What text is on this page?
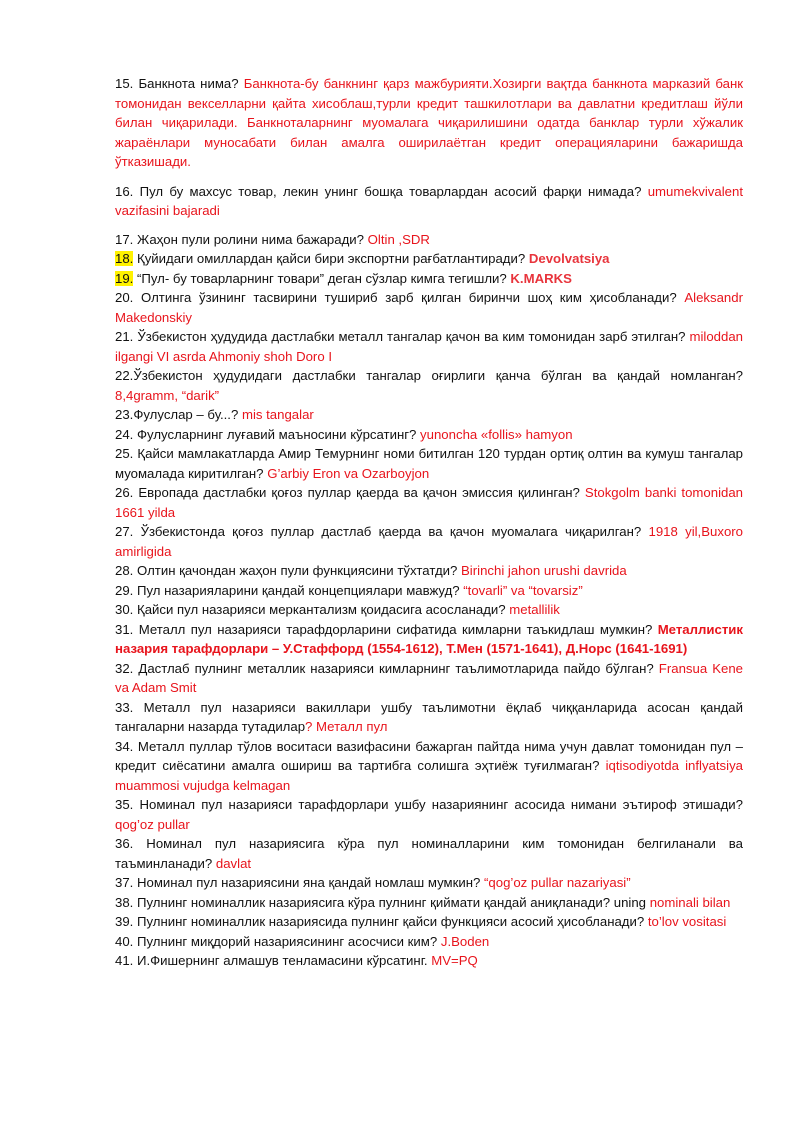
15. Банкнота нима? Банкнота-бу банкнинг қарз мажбурияти.Хозирги вақтда банкнота марказий банк томонидан векселларни қайта хисоблаш,турли кредит ташкилотлари ва давлатни кредитлаш йўли билан чиқарилади. Банкноталарнинг муомалага чиқарилишини одатда банклар турли хўжалик жараёнлари муносабати билан амалга оширилаётган кредит операцияларини бажаришда ўтказишади.

16. Пул бу махсус товар, лекин унинг бошқа товарлардан асосий фарқи нимада? umumekvivalent vazifasini bajaradi

17. Жаҳон пули ролини нима бажаради? Oltin ,SDR

18. Қуйидаги омиллардан қайси бири экспортни рағбатлантиради? Devolvatsiya

19. “Пул- бу товарларнинг товари” деган сўзлар кимга тегишли? K.MARKS

20. Олтинга ўзининг тасвирини тушириб зарб қилган биринчи шоҳ ким ҳисобланади? Aleksandr Makedonskiy

21. Ўзбекистон ҳудудида дастлабки металл тангалар қачон ва ким томонидан зарб этилган? miloddan ilgangi VI asrda Ahmoniy shoh Doro I

22.Ўзбекистон ҳудудидаги дастлабки тангалар оғирлиги қанча бўлган ва қандай номланган? 8,4gramm, “darik”

23.Фулуслар – бу...? mis tangalar

24. Фулусларнинг луғавий маъносини кўрсатинг? yunoncha «follis» hamyon

25. Қайси мамлакатларда Амир Темурнинг номи битилган 120 турдан ортиқ олтин ва кумуш тангалар муомалада киритилган? G’arbiy Eron va Ozarboyjon

26. Европада дастлабки қоғоз пуллар қаерда ва қачон эмиссия қилинган? Stokgolm banki tomonidan 1661 yilda

27. Ўзбекистонда қоғоз пуллар дастлаб қаерда ва қачон муомалага чиқарилган? 1918 yil,Buxoro amirligida

28. Олтин қачондан жаҳон пули функциясини тўхтатди? Birinchi jahon urushi davrida

29. Пул назарияларини қандай концепциялари мавжуд? “tovarli” va “tovarsiz”

30. Қайси пул назарияси меркантализм қоидасига асосланади? metallilik

31. Металл пул назарияси тарафдорларини сифатида кимларни таъкидлаш мумкин? Металлистик назария тарафдорлари – У.Стаффорд (1554-1612), Т.Мен (1571-1641), Д.Норс (1641-1691)

32. Дастлаб пулнинг металлик назарияси кимларнинг таълимотларида пайдо бўлган? Fransua Kene va Adam Smit

33. Металл пул назарияси вакиллари ушбу таълимотни ёқлаб чиққанларида асосан қандай тангаларни назарда тутадилар? Металл пул

34. Металл пуллар тўлов воситаси вазифасини бажарган пайтда нима учун давлат томонидан пул – кредит сиёсатини амалга ошириш ва тартибга солишга эҳтиёж туғилмаган? iqtisodiyotda inflyatsiya muammosi vujudga kelmagan

35. Номинал пул назарияси тарафдорлари ушбу назариянинг асосида нимани эътироф этишади? qog’oz pullar

36. Номинал пул назариясига кўра пул номиналларини ким томонидан белгиланали ва таъминланади? davlat

37. Номинал пул назариясини яна қандай номлаш мумкин? “qog’oz pullar nazariyasi”

38. Пулнинг номиналлик назариясига кўра пулнинг қиймати қандай аниқланади? uning nominali bilan

39. Пулнинг номиналлик назариясида пулнинг қайси функцияси асосий ҳисобланади? to’lov vositasi

40. Пулнинг миқдорий назариясининг асосчиси ким? J.Boden

41. И.Фишернинг алмашув тенламасини кўрсатинг. MV=PQ
